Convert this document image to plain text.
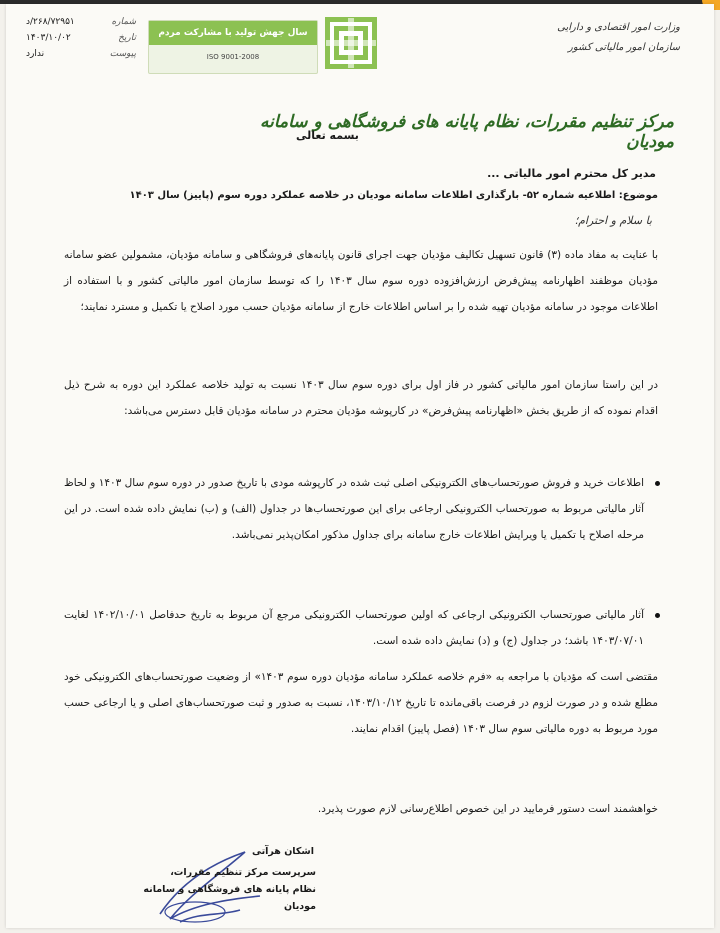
شماره
۲۶۸/۷۲۹۵۱/د
تاریخ
۱۴۰۳/۱۰/۰۲
پیوست
ندارد
سال جهش تولید با مشارکت مردم
ISO 9001-2008
وزارت امور اقتصادی و دارایی
سازمان امور مالیاتی کشور
مرکز تنظیم مقررات، نظام پایانه های فروشگاهی و سامانه مودیان
بسمه تعالی
مدیر کل محترم امور مالیاتی ...
موضوع: اطلاعیه شماره ۵۲- بارگذاری اطلاعات سامانه مودیان در خلاصه عملکرد دوره سوم (پاییز) سال ۱۴۰۳
با سلام و احترام؛
با عنایت به مفاد ماده (۳) قانون تسهیل تکالیف مؤدیان جهت اجرای قانون پایانه‌های فروشگاهی و سامانه مؤدیان، مشمولین عضو سامانه مؤدیان موظفند اظهارنامه پیش‌فرض ارزش‌افزوده دوره سوم سال ۱۴۰۳ را که توسط سازمان امور مالیاتی کشور و با استفاده از اطلاعات موجود در سامانه مؤدیان تهیه شده را بر اساس اطلاعات خارج از سامانه مؤدیان حسب مورد اصلاح یا تکمیل و مسترد نمایند؛
در این راستا سازمان امور مالیاتی کشور در فاز اول برای دوره سوم سال ۱۴۰۳ نسبت به تولید خلاصه عملکرد این دوره به شرح ذیل اقدام نموده که از طریق بخش «اظهارنامه پیش‌فرض» در کارپوشه مؤدیان محترم در سامانه مؤدیان قابل دسترس می‌باشد:
اطلاعات خرید و فروش صورتحساب‌های الکترونیکی اصلی ثبت شده در کارپوشه مودی با تاریخ صدور در دوره سوم سال ۱۴۰۳ و لحاظ آثار مالیاتی مربوط به صورتحساب الکترونیکی ارجاعی برای این صورتحساب‌ها در جداول (الف) و (ب) نمایش داده شده است. در این مرحله اصلاح یا تکمیل یا ویرایش اطلاعات خارج سامانه برای جداول مذکور امکان‌پذیر نمی‌باشد.
آثار مالیاتی صورتحساب الکترونیکی ارجاعی که اولین صورتحساب الکترونیکی مرجع آن مربوط به تاریخ حدفاصل ۱۴۰۲/۱۰/۰۱ لغایت ۱۴۰۳/۰۷/۰۱ باشد؛ در جداول (ج) و (د) نمایش داده شده است.
مقتضی است که مؤدیان با مراجعه به «فرم خلاصه عملکرد سامانه مؤدیان دوره سوم ۱۴۰۳» از وضعیت صورتحساب‌های الکترونیکی خود مطلع شده و در صورت لزوم در فرصت باقی‌مانده تا تاریخ ۱۴۰۳/۱۰/۱۲، نسبت به صدور و ثبت صورتحساب‌های اصلی و یا ارجاعی حسب مورد مربوط به دوره مالیاتی سوم سال ۱۴۰۳ (فصل پاییز) اقدام نمایند.
خواهشمند است دستور فرمایید در این خصوص اطلاع‌رسانی لازم صورت پذیرد.
اشکان هرآتی
سرپرست مرکز تنظیم مقررات،
نظام پایانه های فروشگاهی و سامانه مودیان
